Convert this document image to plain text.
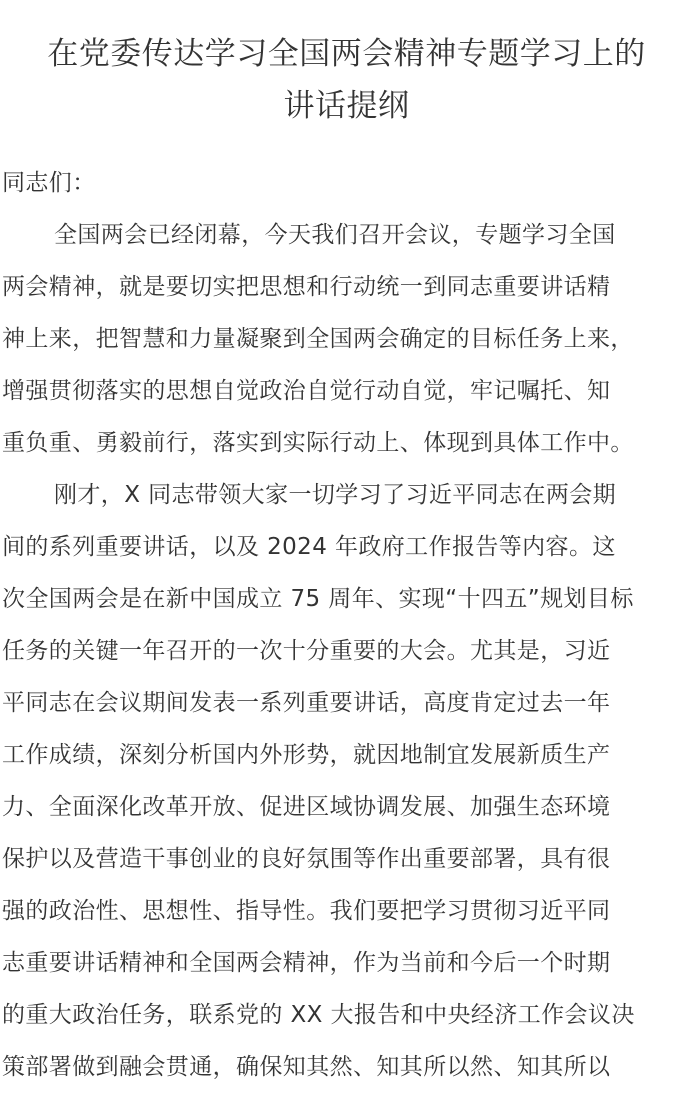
在党委传达学习全国两会精神专题学习上的
讲话提纲
同志们：
全国两会已经闭幕，今天我们召开会议，专题学习全国
两会精神，就是要切实把思想和行动统一到同志重要讲话精
神上来，把智慧和力量凝聚到全国两会确定的目标任务上来，
增强贯彻落实的思想自觉政治自觉行动自觉，牢记嘱托、知
重负重、勇毅前行，落实到实际行动上、体现到具体工作中。
刚才，X 同志带领大家一切学习了习近平同志在两会期
间的系列重要讲话，以及 2024 年政府工作报告等内容。这
次全国两会是在新中国成立 75 周年、实现“十四五”规划目标
任务的关键一年召开的一次十分重要的大会。尤其是，习近
平同志在会议期间发表一系列重要讲话，高度肯定过去一年
工作成绩，深刻分析国内外形势，就因地制宜发展新质生产
力、全面深化改革开放、促进区域协调发展、加强生态环境
保护以及营造干事创业的良好氛围等作出重要部署，具有很
强的政治性、思想性、指导性。我们要把学习贯彻习近平同
志重要讲话精神和全国两会精神，作为当前和今后一个时期
的重大政治任务，联系党的 XX 大报告和中央经济工作会议决
策部署做到融会贯通，确保知其然、知其所以然、知其所以
